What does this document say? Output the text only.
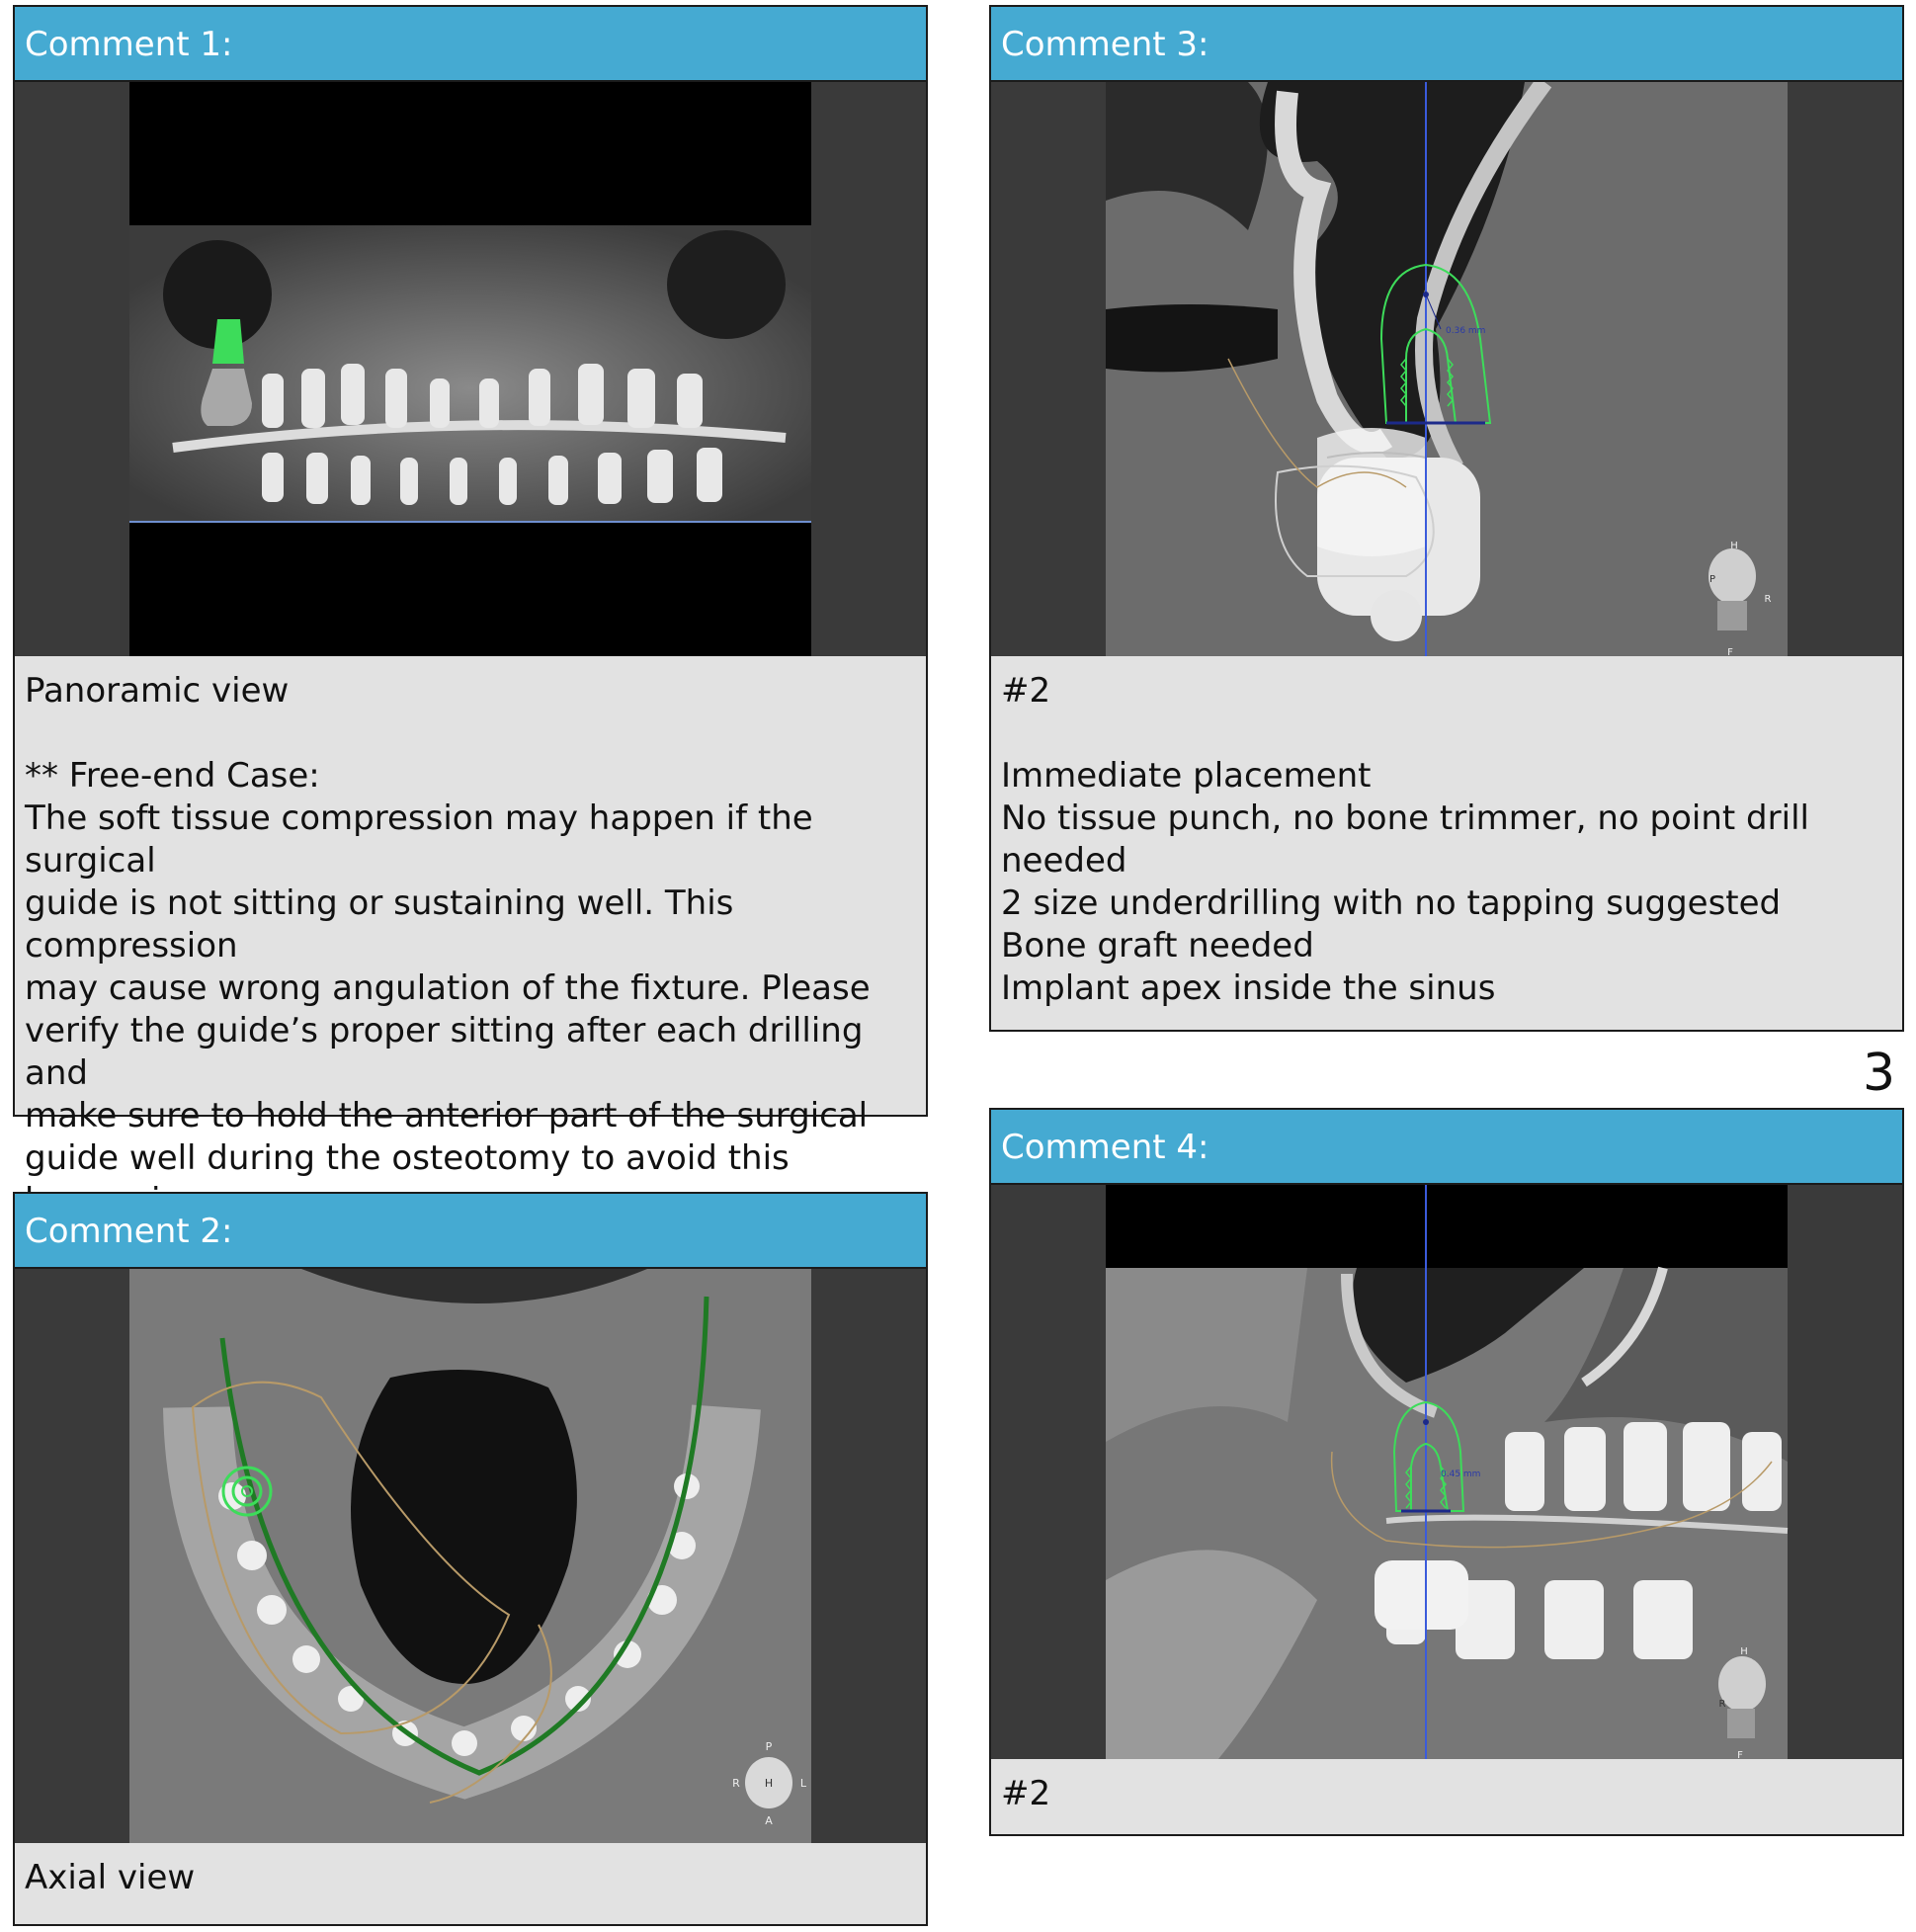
Comment 1:

Panoramic view

** Free-end Case:

The soft tissue compression may happen if the surgical

guide is not sitting or sustaining well. This compression

may cause wrong angulation of the fixture. Please

verify the guide’s proper sitting after each drilling and

make sure to hold the anterior part of the surgical

guide well during the osteotomy to avoid this

Comment 2:
P
R H	L
A

Axial view

Comment 3:
0.36 mm
H
P
R
F

#2

Immediate placement

No tissue punch, no bone trimmer, no point drill

needed

2 size underdrilling with no tapping suggested

Bone graft needed

Implant apex inside the sinus

3
Comment 4:
0.45 mm
H
R
F

#2
